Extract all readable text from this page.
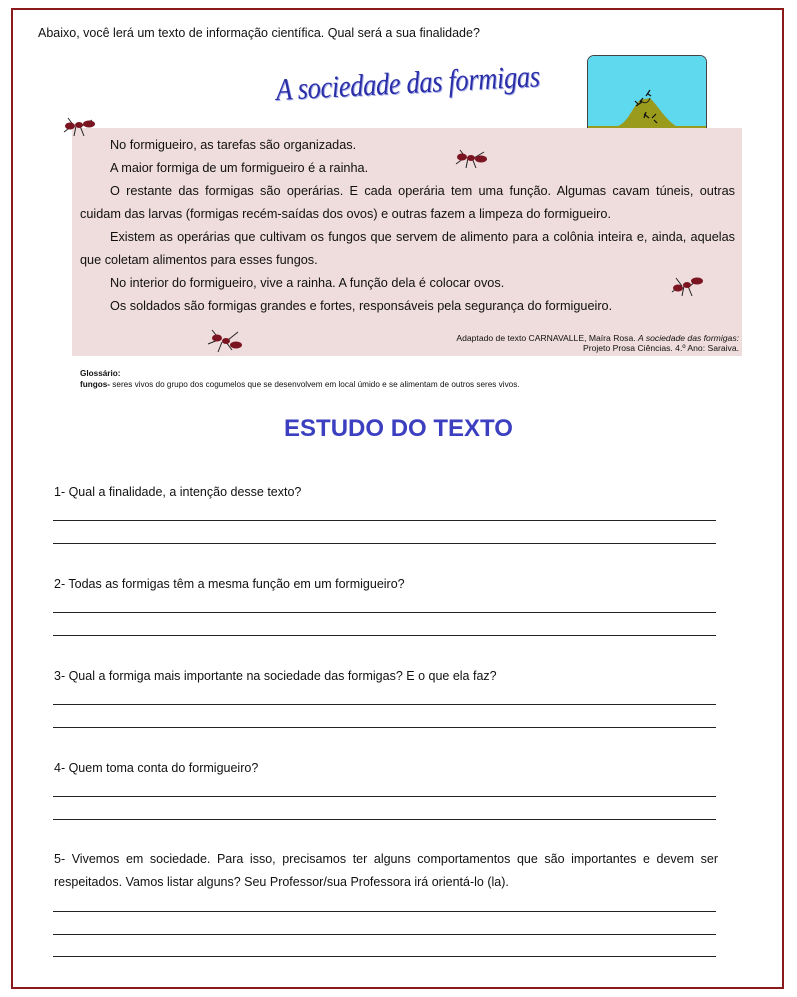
Abaixo, você lerá um texto de informação científica. Qual será a sua finalidade?
A sociedade das formigas
No formigueiro, as tarefas são organizadas.
A maior formiga de um formigueiro é a rainha.
O restante das formigas são operárias. E cada operária tem uma função. Algumas cavam túneis, outras cuidam das larvas (formigas recém-saídas dos ovos) e outras fazem a limpeza do formigueiro.
Existem as operárias que cultivam os fungos que servem de alimento para a colônia inteira e, ainda, aquelas que coletam alimentos para esses fungos.
No interior do formigueiro, vive a rainha. A função dela é colocar ovos.
Os soldados são formigas grandes e fortes, responsáveis pela segurança do formigueiro.
Adaptado de texto CARNAVALLE, Maíra Rosa. A sociedade das formigas:
Projeto Prosa Ciências. 4.º Ano: Saraiva.
Glossário:
fungos- seres vivos do grupo dos cogumelos que se desenvolvem em local úmido e se alimentam de outros seres vivos.
ESTUDO DO TEXTO
1- Qual a finalidade, a intenção desse texto?
2- Todas as formigas têm a mesma função em um formigueiro?
3- Qual a formiga mais importante na sociedade das formigas? E o que ela faz?
4- Quem toma conta do formigueiro?
5- Vivemos em sociedade. Para isso, precisamos ter alguns comportamentos que são importantes e devem ser respeitados. Vamos listar alguns? Seu Professor/sua Professora irá orientá-lo (la).
